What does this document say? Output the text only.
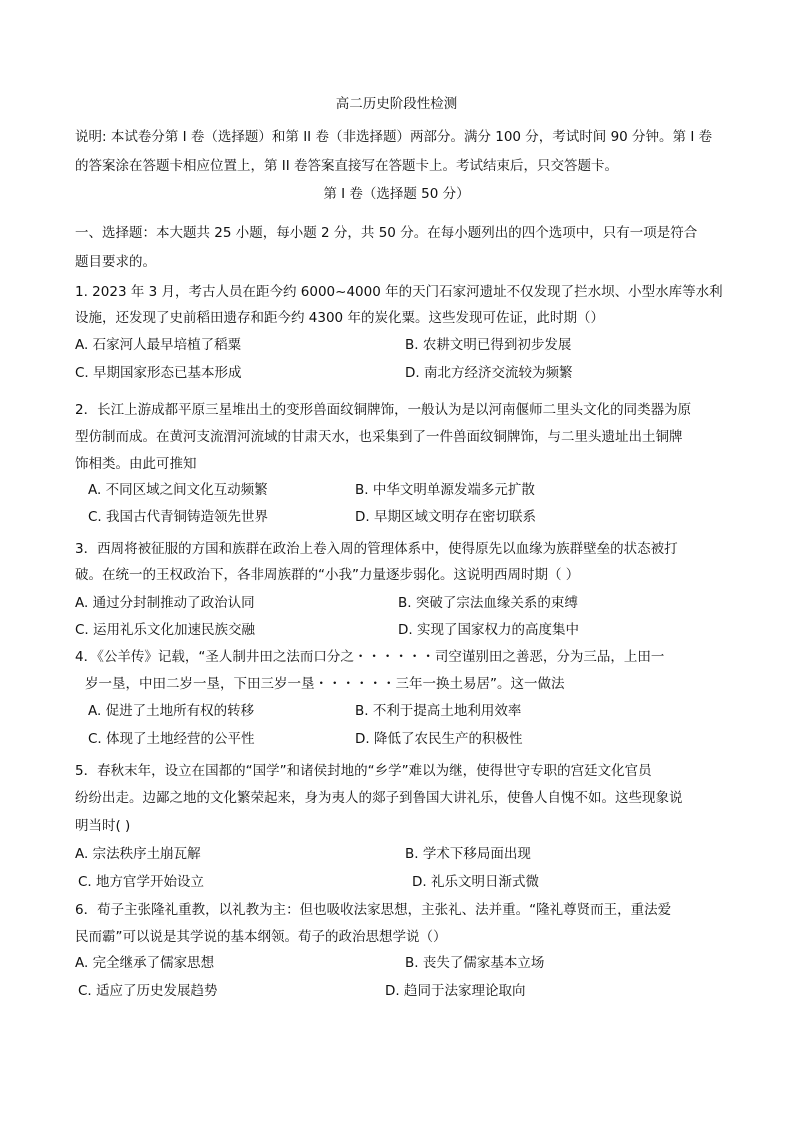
高二历史阶段性检测
说明: 本试卷分第 I 卷（选择题）和第 II 卷（非选择题）两部分。满分 100 分，考试时间 90 分钟。第 I 卷
的答案涂在答题卡相应位置上，第 II 卷答案直接写在答题卡上。考试结束后，只交答题卡。
第 I 卷（选择题 50 分）
一、选择题：本大题共 25 小题，每小题 2 分，共 50 分。在每小题列出的四个选项中，只有一项是符合
题目要求的。
1. 2023 年 3 月，考古人员在距今约 6000~4000 年的天门石家河遗址不仅发现了拦水坝、小型水库等水利
设施，还发现了史前稻田遗存和距今约 4300 年的炭化粟。这些发现可佐证，此时期（）
A. 石家河人最早培植了稻粟	B. 农耕文明已得到初步发展
C. 早期国家形态已基本形成	D. 南北方经济交流较为频繁
2．长江上游成都平原三星堆出土的变形兽面纹铜牌饰，一般认为是以河南偃师二里头文化的同类器为原
型仿制而成。在黄河支流渭河流域的甘肃天水，也采集到了一件兽面纹铜牌饰，与二里头遗址出土铜牌
饰相类。由此可推知
A. 不同区域之间文化互动频繁	B. 中华文明单源发端多元扩散
C. 我国古代青铜铸造领先世界	D. 早期区域文明存在密切联系
3．西周将被征服的方国和族群在政治上卷入周的管理体系中，使得原先以血缘为族群壁垒的状态被打
破。在统一的王权政治下，各非周族群的“小我”力量逐步弱化。这说明西周时期（ ）
A. 通过分封制推动了政治认同	B. 突破了宗法血缘关系的束缚
C. 运用礼乐文化加速民族交融	D. 实现了国家权力的高度集中
4．《公羊传》记载，“圣人制井田之法而口分之・・・・・・司空谨别田之善恶，分为三品，上田一
岁一垦，中田二岁一垦，下田三岁一垦・・・・・・三年一换土易居”。这一做法
A. 促进了土地所有权的转移	B. 不利于提高土地利用效率
C. 体现了土地经营的公平性	D. 降低了农民生产的积极性
5．春秋末年，设立在国都的“国学”和诸侯封地的“乡学”难以为继，使得世守专职的宫廷文化官员
纷纷出走。边鄙之地的文化繁荣起来，身为夷人的郯子到鲁国大讲礼乐，使鲁人自愧不如。这些现象说
明当时( )
A. 宗法秩序土崩瓦解	B. 学术下移局面出现
C. 地方官学开始设立	D. 礼乐文明日渐式微
6．荀子主张隆礼重教，以礼教为主：但也吸收法家思想，主张礼、法并重。“隆礼尊贤而王，重法爱
民而霸”可以说是其学说的基本纲领。荀子的政治思想学说（）
A. 完全继承了儒家思想	B. 丧失了儒家基本立场
C. 适应了历史发展趋势	D. 趋同于法家理论取向
